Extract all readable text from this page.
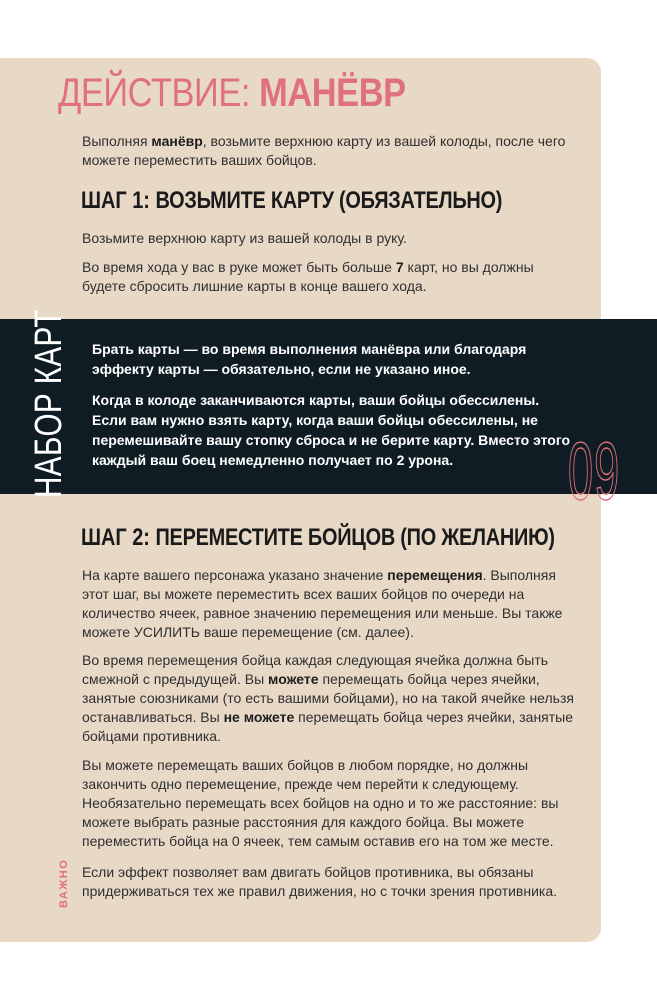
ДЕЙСТВИЕ: МАНЁВР

Выполняя манёвр, возьмите верхнюю карту из вашей колоды, после чего можете переместить ваших бойцов.

ШАГ 1: ВОЗЬМИТЕ КАРТУ (ОБЯЗАТЕЛЬНО)

Возьмите верхнюю карту из вашей колоды в руку.

Во время хода у вас в руке может быть больше 7 карт, но вы должны будете сбросить лишние карты в конце вашего хода.

Брать карты — во время выполнения манёвра или благодаря эффекту карты — обязательно, если не указано иное.

Когда в колоде заканчиваются карты, ваши бойцы обессилены. Если вам нужно взять карту, когда ваши бойцы обессилены, не перемешивайте вашу стопку сброса и не берите карту. Вместо этого каждый ваш боец немедленно получает по 2 урона.

НАБОР КАРТ	09
ШАГ 2: ПЕРЕМЕСТИТЕ БОЙЦОВ (ПО ЖЕЛАНИЮ)

На карте вашего персонажа указано значение перемещения. Выполняя этот шаг, вы можете переместить всех ваших бойцов по очереди на количество ячеек, равное значению перемещения или меньше. Вы также можете УСИЛИТЬ ваше перемещение (см. далее).

Во время перемещения бойца каждая следующая ячейка должна быть смежной с предыдущей. Вы можете перемещать бойца через ячейки, занятые союзниками (то есть вашими бойцами), но на такой ячейке нельзя останавливаться. Вы не можете перемещать бойца через ячейки, занятые бойцами противника.

Вы можете перемещать ваших бойцов в любом порядке, но должны закончить одно перемещение, прежде чем перейти к следующему. Необязательно перемещать всех бойцов на одно и то же расстояние: вы можете выбрать разные расстояния для каждого бойца. Вы можете переместить бойца на 0 ячеек, тем самым оставив его на том же месте.

ВАЖНО Если эффект позволяет вам двигать бойцов противника, вы обязаны придерживаться тех же правил движения, но с точки зрения противника.
